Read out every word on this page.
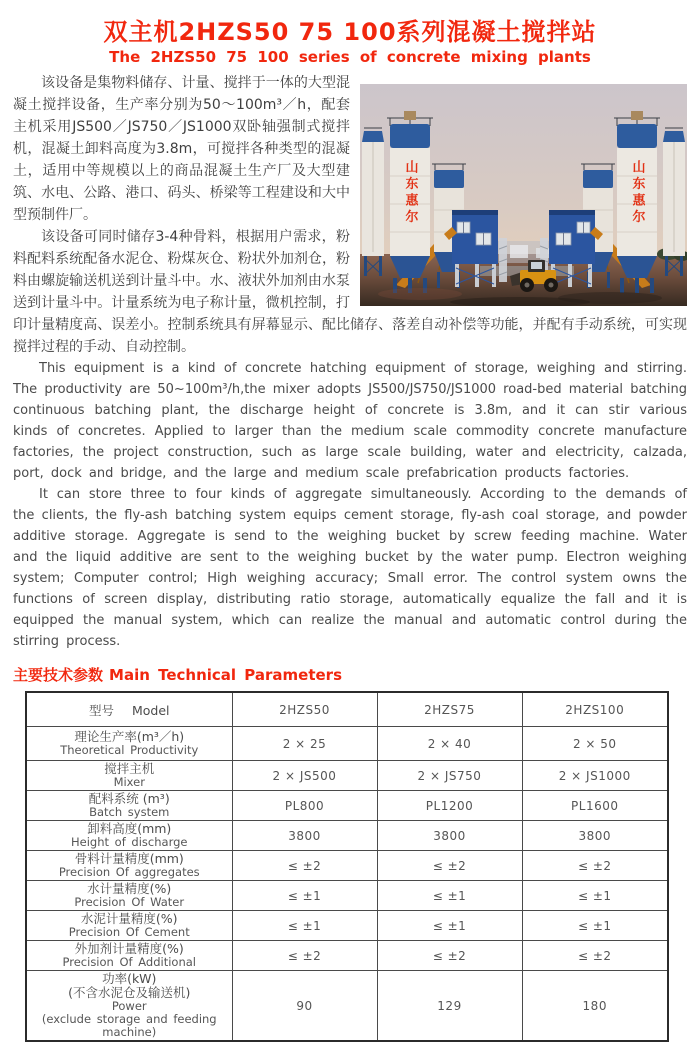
双主机2HZS50 75 100系列混凝土搅拌站
The 2HZS50 75 100 series of concrete mixing plants
山东惠尔	山东惠尔

该设备是集物料储存、计量、搅拌于一体的大型混凝土搅拌设备，生产率分别为50～100m³／h，配套主机采用JS500／JS750／JS1000双卧轴强制式搅拌机，混凝土卸料高度为3.8m，可搅拌各种类型的混凝土，适用中等规模以上的商品混凝土生产厂及大型建筑、水电、公路、港口、码头、桥梁等工程建设和大中型预制件厂。

该设备可同时储存3-4种骨料，根据用户需求，粉料配料系统配备水泥仓、粉煤灰仓、粉状外加剂仓，粉料由螺旋输送机送到计量斗中。水、液状外加剂由水泵送到计量斗中。计量系统为电子称计量，微机控制，打印计量精度高、误差小。控制系统具有屏幕显示、配比储存、落差自动补偿等功能，并配有手动系统，可实现搅拌过程的手动、自动控制。

This equipment is a kind of concrete hatching equipment of storage, weighing and stirring. The productivity are 50~100m³/h,the mixer adopts JS500/JS750/JS1000 road-bed material batching continuous batching plant, the discharge height of concrete is 3.8m, and it can stir various kinds of concretes. Applied to larger than the medium scale commodity concrete manufacture factories, the project construction, such as large scale building, water and electricity, calzada, port, dock and bridge, and the large and medium scale prefabrication products factories.

It can store three to four kinds of aggregate simultaneously. According to the demands of the clients, the fly-ash batching system equips cement storage, fly-ash coal storage, and powder additive storage. Aggregate is send to the weighing bucket by screw feeding machine. Water and the liquid additive are sent to the weighing bucket by the water pump. Electron weighing system; Computer control; High weighing accuracy; Small error. The control system owns the functions of screen display, distributing ratio storage, automatically equalize the fall and it is equipped the manual system, which can realize the manual and automatic control during the stirring process.

主要技术参数 Main Technical Parameters
型号 Model	2HZS50	2HZS75	2HZS100

理论生产率(m³／h)
Theoretical Productivity	2 × 25	2 × 40	2 × 50

搅拌主机
Mixer	2 × JS500	2 × JS750	2 × JS1000

配料系统 (m³)
Batch system	PL800	PL1200	PL1600

卸料高度(mm)
Height of discharge	3800	3800	3800

骨料计量精度(mm)
Precision Of aggregates	≤ ±2	≤ ±2	≤ ±2

水计量精度(%)
Precision Of Water	≤ ±1	≤ ±1	≤ ±1

水泥计量精度(%)
Precision Of Cement	≤ ±1	≤ ±1	≤ ±1

外加剂计量精度(%)
Precision Of Additional	≤ ±2	≤ ±2	≤ ±2

功率(kW)
(不含水泥仓及输送机)
Power
(exclude storage and feeding machine)	90	129	180
